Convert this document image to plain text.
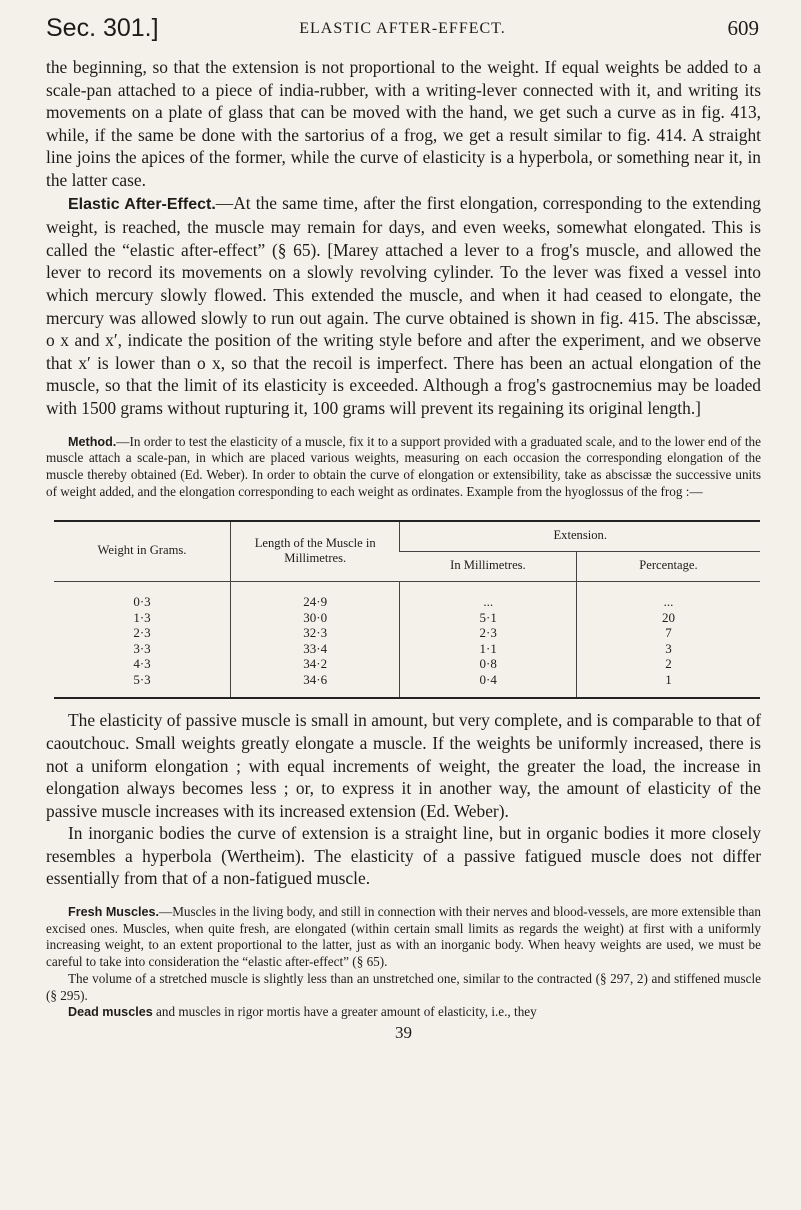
Sec. 301.]	ELASTIC AFTER-EFFECT.	609

the beginning, so that the extension is not proportional to the weight. If equal weights be added to a scale-pan attached to a piece of india-rubber, with a writing-lever connected with it, and writing its movements on a plate of glass that can be moved with the hand, we get such a curve as in fig. 413, while, if the same be done with the sartorius of a frog, we get a result similar to fig. 414. A straight line joins the apices of the former, while the curve of elasticity is a hyperbola, or something near it, in the latter case.

Elastic After-Effect.—At the same time, after the first elongation, corresponding to the extending weight, is reached, the muscle may remain for days, and even weeks, somewhat elongated. This is called the “elastic after-effect” (§ 65). [Marey attached a lever to a frog's muscle, and allowed the lever to record its movements on a slowly revolving cylinder. To the lever was fixed a vessel into which mercury slowly flowed. This extended the muscle, and when it had ceased to elongate, the mercury was allowed slowly to run out again. The curve obtained is shown in fig. 415. The abscissæ, o x and x′, indicate the position of the writing style before and after the experiment, and we observe that x′ is lower than o x, so that the recoil is imperfect. There has been an actual elongation of the muscle, so that the limit of its elasticity is exceeded. Although a frog's gastrocnemius may be loaded with 1500 grams without rupturing it, 100 grams will prevent its regaining its original length.]

Method.—In order to test the elasticity of a muscle, fix it to a support provided with a graduated scale, and to the lower end of the muscle attach a scale-pan, in which are placed various weights, measuring on each occasion the corresponding elongation of the muscle thereby obtained (Ed. Weber). In order to obtain the curve of elongation or extensibility, take as abscissæ the successive units of weight added, and the elongation corresponding to each weight as ordinates. Example from the hyoglossus of the frog :—

Weight in Grams.	Length of the Muscle in Millimetres.	Extension.	
		In Millimetres.	Percentage.
0·3	24·9	...	...
1·3	30·0	5·1	20
2·3	32·3	2·3	7
3·3	33·4	1·1	3
4·3	34·2	0·8	2
5·3	34·6	0·4	1

The elasticity of passive muscle is small in amount, but very complete, and is comparable to that of caoutchouc. Small weights greatly elongate a muscle. If the weights be uniformly increased, there is not a uniform elongation ; with equal increments of weight, the greater the load, the increase in elongation always becomes less ; or, to express it in another way, the amount of elasticity of the passive muscle increases with its increased extension (Ed. Weber).

In inorganic bodies the curve of extension is a straight line, but in organic bodies it more closely resembles a hyperbola (Wertheim). The elasticity of a passive fatigued muscle does not differ essentially from that of a non-fatigued muscle.

Fresh Muscles.—Muscles in the living body, and still in connection with their nerves and blood-vessels, are more extensible than excised ones. Muscles, when quite fresh, are elongated (within certain small limits as regards the weight) at first with a uniformly increasing weight, to an extent proportional to the latter, just as with an inorganic body. When heavy weights are used, we must be careful to take into consideration the “elastic after-effect” (§ 65).

The volume of a stretched muscle is slightly less than an unstretched one, similar to the contracted (§ 297, 2) and stiffened muscle (§ 295).

Dead muscles and muscles in rigor mortis have a greater amount of elasticity, i.e., they

39
